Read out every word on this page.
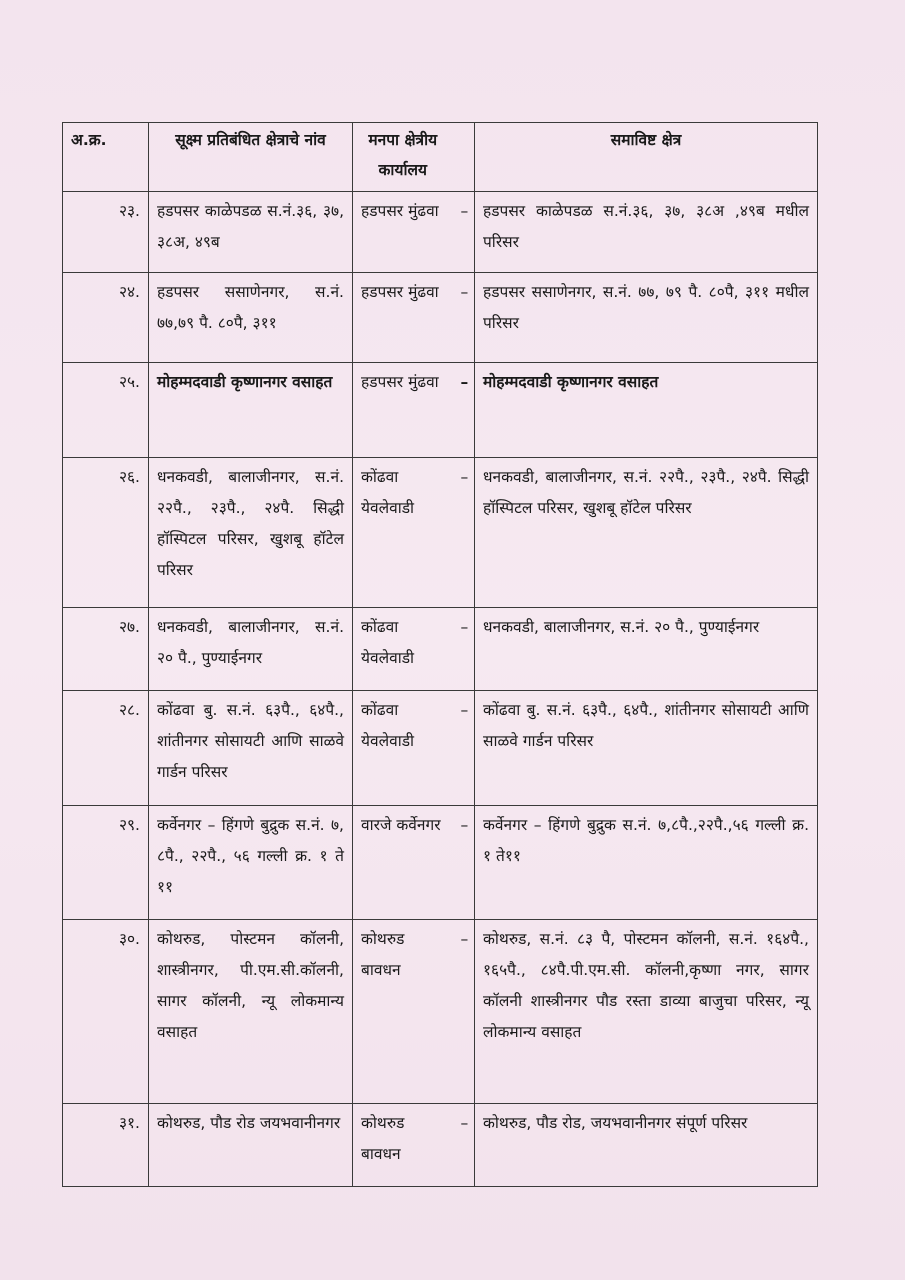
अ.क्र.	सूक्ष्म प्रतिबंधित क्षेत्राचे नांव	मनपा क्षेत्रीय कार्यालय		समाविष्ट क्षेत्र
२३.	हडपसर काळेपडळ स.नं.३६, ३७, ३८अ, ४९ब	हडपसर मुंढवा	–	हडपसर काळेपडळ स.नं.३६, ३७, ३८अ ,४९ब मधील परिसर
२४.	हडपसर ससाणेनगर, स.नं. ७७,७९ पै. ८०पै, ३११	हडपसर मुंढवा	–	हडपसर ससाणेनगर, स.नं. ७७, ७९ पै. ८०पै, ३११ मधील परिसर
२५.	मोहम्मदवाडी कृष्णानगर वसाहत	हडपसर मुंढवा	–	मोहम्मदवाडी कृष्णानगर वसाहत
२६.	धनकवडी, बालाजीनगर, स.नं. २२पै., २३पै., २४पै. सिद्धी हॉस्पिटल परिसर, खुशबू हॉटेल परिसर	कोंढवा येवलेवाडी	–	धनकवडी, बालाजीनगर, स.नं. २२पै., २३पै., २४पै. सिद्धी हॉस्पिटल परिसर, खुशबू हॉटेल परिसर
२७.	धनकवडी, बालाजीनगर, स.नं. २० पै., पुण्याईनगर	कोंढवा येवलेवाडी	–	धनकवडी, बालाजीनगर, स.नं. २० पै., पुण्याईनगर
२८.	कोंढवा बु. स.नं. ६३पै., ६४पै., शांतीनगर सोसायटी आणि साळवे गार्डन परिसर	कोंढवा येवलेवाडी	–	कोंढवा बु. स.नं. ६३पै., ६४पै., शांतीनगर सोसायटी आणि साळवे गार्डन परिसर
२९.	कर्वेनगर – हिंगणे बुद्रुक स.नं. ७, ८पै., २२पै., ५६ गल्ली क्र. १ ते ११	वारजे कर्वेनगर	–	कर्वेनगर – हिंगणे बुद्रुक स.नं. ७,८पै.,२२पै.,५६ गल्ली क्र. १ ते११
३०.	कोथरुड, पोस्टमन कॉलनी, शास्त्रीनगर, पी.एम.सी.कॉलनी, सागर कॉलनी, न्यू लोकमान्य वसाहत	कोथरुड बावधन	–	कोथरुड, स.नं. ८३ पै, पोस्टमन कॉलनी, स.नं. १६४पै., १६५पै., ८४पै.पी.एम.सी. कॉलनी,कृष्णा नगर, सागर कॉलनी शास्त्रीनगर पौड रस्ता डाव्या बाजुचा परिसर, न्यू लोकमान्य वसाहत
३१.	कोथरुड, पौड रोड जयभवानीनगर	कोथरुड बावधन	–	कोथरुड, पौड रोड, जयभवानीनगर संपूर्ण परिसर
